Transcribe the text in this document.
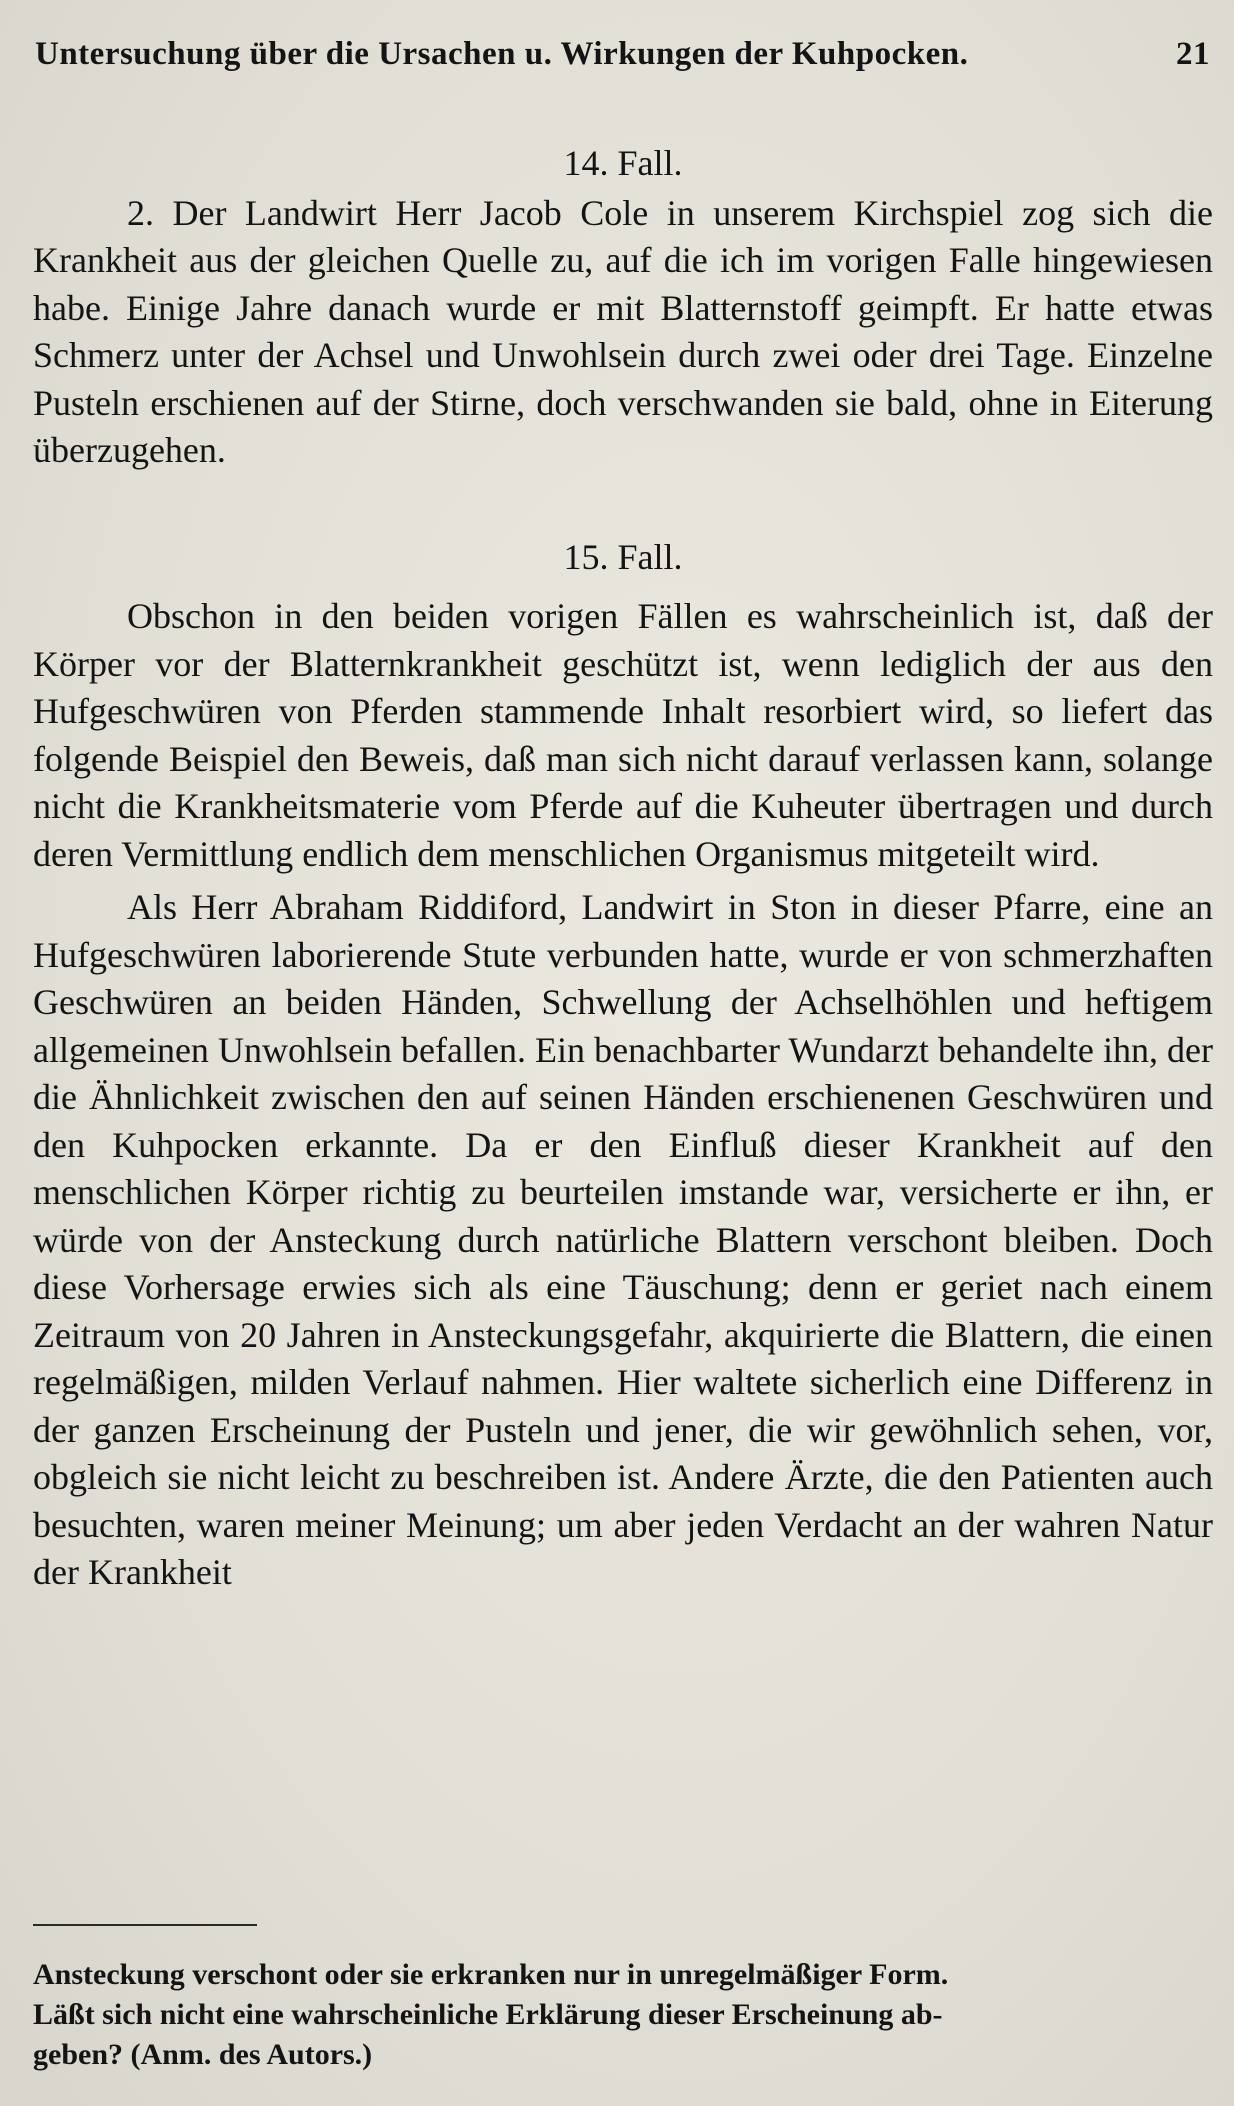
Untersuchung über die Ursachen u. Wirkungen der Kuhpocken.	21
14. Fall.

2. Der Landwirt Herr Jacob Cole in unserem Kirchspiel zog sich die Krankheit aus der gleichen Quelle zu, auf die ich im vorigen Falle hingewiesen habe. Einige Jahre danach wurde er mit Blatternstoff geimpft. Er hatte etwas Schmerz unter der Achsel und Unwohlsein durch zwei oder drei Tage. Einzelne Pusteln erschienen auf der Stirne, doch verschwanden sie bald, ohne in Eiterung überzugehen.

15. Fall.

Obschon in den beiden vorigen Fällen es wahrscheinlich ist, daß der Körper vor der Blatternkrankheit geschützt ist, wenn lediglich der aus den Hufgeschwüren von Pferden stammende Inhalt resorbiert wird, so liefert das folgende Beispiel den Beweis, daß man sich nicht darauf verlassen kann, solange nicht die Krankheitsmaterie vom Pferde auf die Kuheuter übertragen und durch deren Vermittlung endlich dem menschlichen Organismus mitgeteilt wird.

Als Herr Abraham Riddiford, Landwirt in Ston in dieser Pfarre, eine an Hufgeschwüren laborierende Stute verbunden hatte, wurde er von schmerzhaften Geschwüren an beiden Händen, Schwellung der Achselhöhlen und heftigem allgemeinen Unwohlsein befallen. Ein benachbarter Wundarzt behandelte ihn, der die Ähnlichkeit zwischen den auf seinen Händen erschienenen Geschwüren und den Kuhpocken erkannte. Da er den Einfluß dieser Krankheit auf den menschlichen Körper richtig zu beurteilen imstande war, versicherte er ihn, er würde von der Ansteckung durch natürliche Blattern verschont bleiben. Doch diese Vorhersage erwies sich als eine Täuschung; denn er geriet nach einem Zeitraum von 20 Jahren in Ansteckungsgefahr, akquirierte die Blattern, die einen regelmäßigen, milden Verlauf nahmen. Hier waltete sicherlich eine Differenz in der ganzen Erscheinung der Pusteln und jener, die wir gewöhnlich sehen, vor, obgleich sie nicht leicht zu beschreiben ist. Andere Ärzte, die den Patienten auch besuchten, waren meiner Meinung; um aber jeden Verdacht an der wahren Natur der Krankheit

Ansteckung verschont oder sie erkranken nur in unregelmäßiger Form.
Läßt sich nicht eine wahrscheinliche Erklärung dieser Erscheinung ab-
geben? (Anm. des Autors.)
